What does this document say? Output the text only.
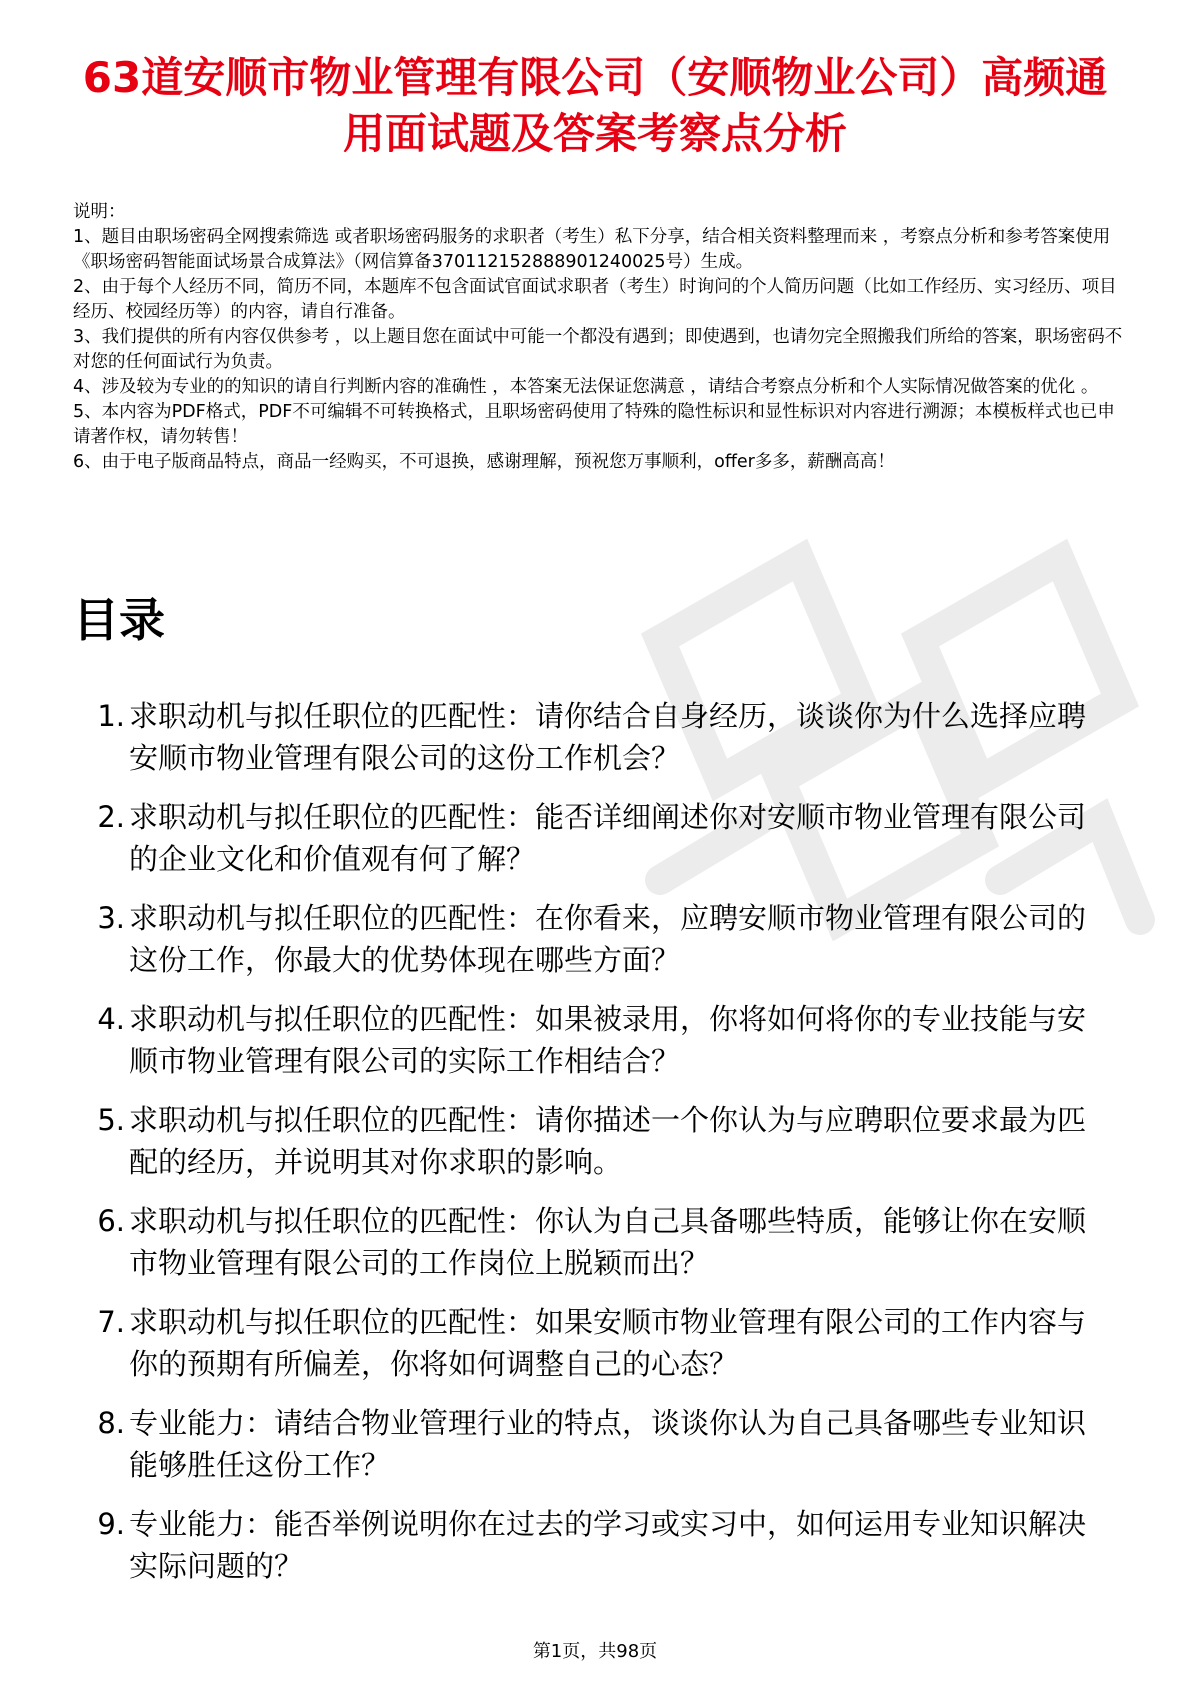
63道安顺市物业管理有限公司（安顺物业公司）高频通用面试题及答案考察点分析

说明：

1、题目由职场密码全网搜索筛选 或者职场密码服务的求职者（考生）私下分享，结合相关资料整理而来 ，考察点分析和参考答案使用《职场密码智能面试场景合成算法》（网信算备370112152888901240025号）生成。

2、由于每个人经历不同，简历不同，本题库不包含面试官面试求职者（考生）时询问的个人简历问题（比如工作经历、实习经历、项目经历、校园经历等）的内容，请自行准备。

3、我们提供的所有内容仅供参考 ，以上题目您在面试中可能一个都没有遇到；即使遇到，也请勿完全照搬我们所给的答案，职场密码不对您的任何面试行为负责。

4、涉及较为专业的的知识的请自行判断内容的准确性 ，本答案无法保证您满意 ，请结合考察点分析和个人实际情况做答案的优化 。

5、本内容为PDF格式，PDF不可编辑不可转换格式，且职场密码使用了特殊的隐性标识和显性标识对内容进行溯源；本模板样式也已申请著作权，请勿转售！

6、由于电子版商品特点，商品一经购买，不可退换，感谢理解，预祝您万事顺利，offer多多，薪酬高高！

目录
1. 求职动机与拟任职位的匹配性：请你结合自身经历，谈谈你为什么选择应聘安顺市物业管理有限公司的这份工作机会？
2. 求职动机与拟任职位的匹配性：能否详细阐述你对安顺市物业管理有限公司的企业文化和价值观有何了解？
3. 求职动机与拟任职位的匹配性：在你看来，应聘安顺市物业管理有限公司的这份工作，你最大的优势体现在哪些方面？
4. 求职动机与拟任职位的匹配性：如果被录用，你将如何将你的专业技能与安顺市物业管理有限公司的实际工作相结合？
5. 求职动机与拟任职位的匹配性：请你描述一个你认为与应聘职位要求最为匹配的经历，并说明其对你求职的影响。
6. 求职动机与拟任职位的匹配性：你认为自己具备哪些特质，能够让你在安顺市物业管理有限公司的工作岗位上脱颖而出？
7. 求职动机与拟任职位的匹配性：如果安顺市物业管理有限公司的工作内容与你的预期有所偏差，你将如何调整自己的心态？
8. 专业能力：请结合物业管理行业的特点，谈谈你认为自己具备哪些专业知识能够胜任这份工作？
9. 专业能力：能否举例说明你在过去的学习或实习中，如何运用专业知识解决实际问题的？
第1页，共98页
